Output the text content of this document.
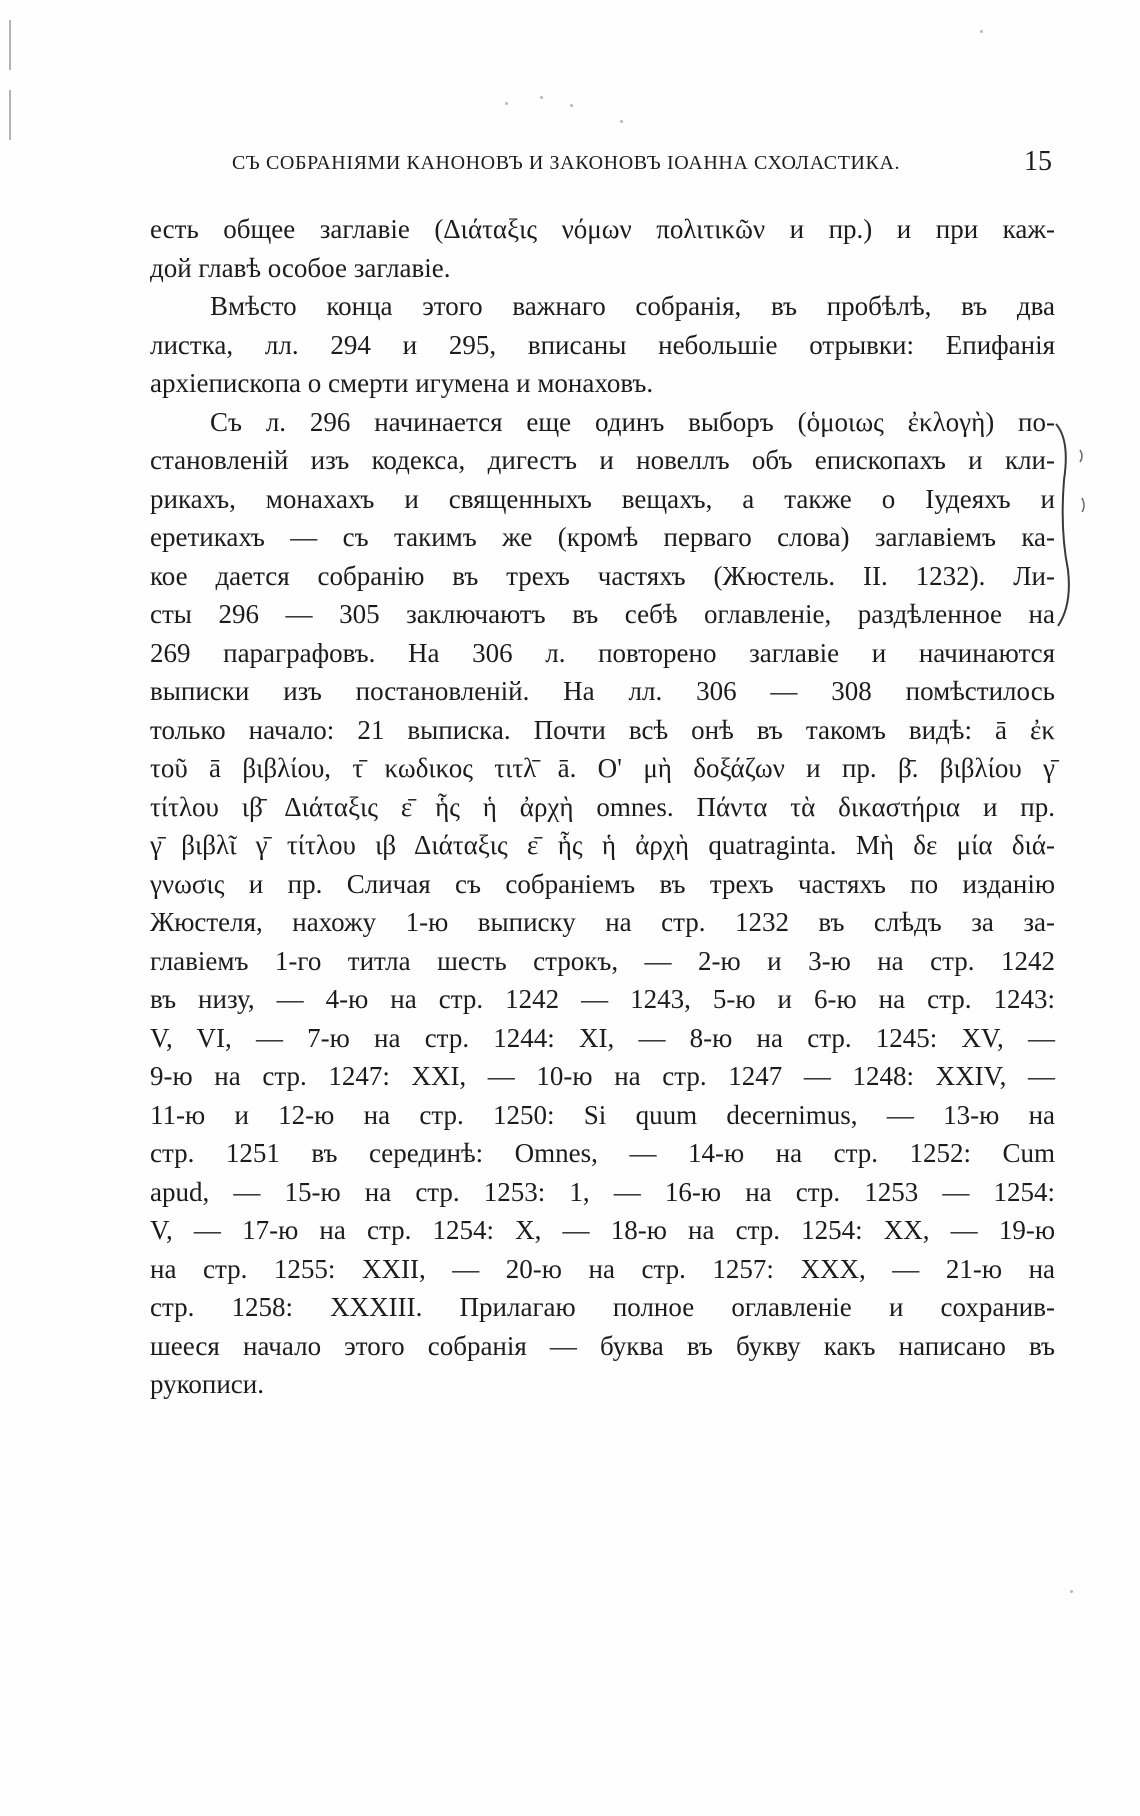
СЪ СОБРАНІЯМИ КАНОНОВЪ И ЗАКОНОВЪ ІОАННА СХОЛАСТИКА.	15
есть общее заглавіе (Διάταξις νόμων πολιτικῶν и пр.) и при каж-
дой главѣ особое заглавіе.
Вмѣсто конца этого важнаго собранія, въ пробѣлѣ, въ два
листка, лл. 294 и 295, вписаны небольшіе отрывки: Епифанія
архіепископа о смерти игумена и монаховъ.
Съ л. 296 начинается еще одинъ выборъ (ὁμοιως ἐκλογὴ) по-
становленій изъ кодекса, дигестъ и новеллъ объ епископахъ и кли-
рикахъ, монахахъ и священныхъ вещахъ, а также о Іудеяхъ и
еретикахъ — съ такимъ же (кромѣ перваго слова) заглавіемъ ка-
кое дается собранію въ трехъ частяхъ (Жюстель. II. 1232). Ли-
сты 296 — 305 заключаютъ въ себѣ оглавленіе, раздѣленное на
269 параграфовъ. На 306 л. повторено заглавіе и начинаются
выписки изъ постановленій. На лл. 306 — 308 помѣстилось
только начало: 21 выписка. Почти всѣ онѣ въ такомъ видѣ: ā ἐκ
τοῦ ā βιβλίου, τ̄ κωδικος τιτλ̄ ā. Ο' μὴ δοξάζων и пр. β̄. βιβλίου γ̄
τίτλου ιβ̄ Διάταξις ε̄ ἧς ἡ ἀρχὴ omnes. Πάντα τὰ δικαστήρια и пр.
γ̄ βιβλῖ γ̄ τίτλου ιβ Διάταξις ε̄ ἧς ἡ ἀρχὴ quatraginta. Μὴ δε μία διά-
γνωσις и пр. Сличая съ собраніемъ въ трехъ частяхъ по изданію
Жюстеля, нахожу 1-ю выписку на стр. 1232 въ слѣдъ за за-
главіемъ 1-го титла шесть строкъ, — 2-ю и 3-ю на стр. 1242
въ низу, — 4-ю на стр. 1242 — 1243, 5-ю и 6-ю на стр. 1243:
V, VI, — 7-ю на стр. 1244: XI, — 8-ю на стр. 1245: XV, —
9-ю на стр. 1247: XXI, — 10-ю на стр. 1247 — 1248: XXIV, —
11-ю и 12-ю на стр. 1250: Si quum decernimus, — 13-ю на
стр. 1251 въ серединѣ: Omnes, — 14-ю на стр. 1252: Cum
apud, — 15-ю на стр. 1253: 1, — 16-ю на стр. 1253 — 1254:
V, — 17-ю на стр. 1254: X, — 18-ю на стр. 1254: XX, — 19-ю
на стр. 1255: XXII, — 20-ю на стр. 1257: XXX, — 21-ю на
стр. 1258: XXXIII. Прилагаю полное оглавленіе и сохранив-
шееся начало этого собранія — буква въ букву какъ написано въ
рукописи.
